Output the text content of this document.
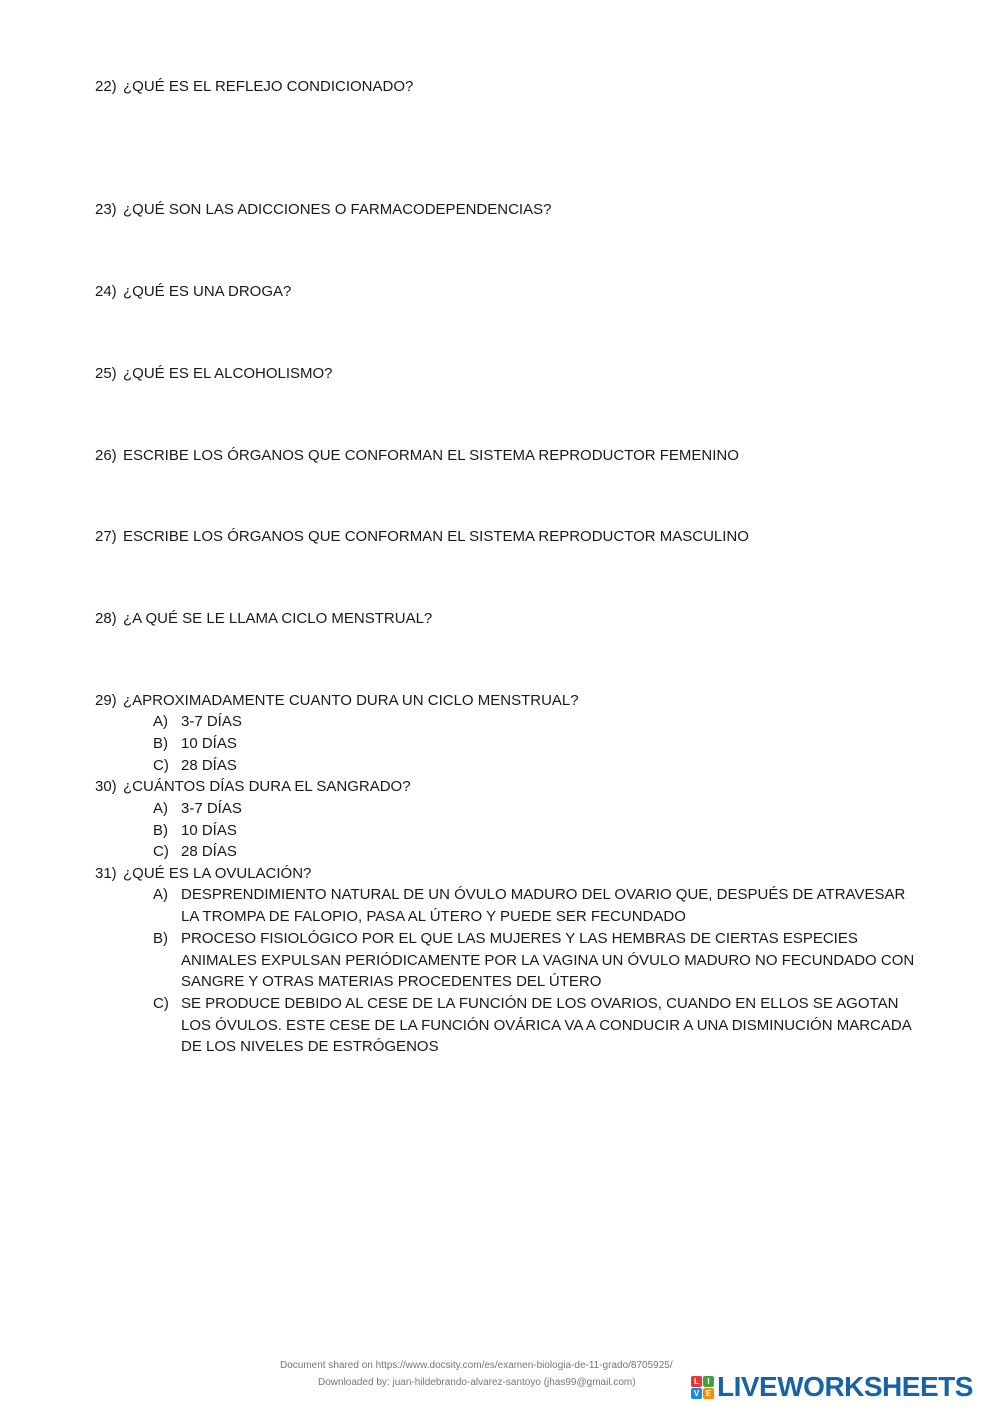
22) ¿QUÉ ES EL REFLEJO CONDICIONADO?
23) ¿QUÉ SON LAS ADICCIONES O FARMACODEPENDENCIAS?
24) ¿QUÉ ES UNA DROGA?
25) ¿QUÉ ES EL ALCOHOLISMO?
26) ESCRIBE LOS ÓRGANOS QUE CONFORMAN EL SISTEMA REPRODUCTOR FEMENINO
27) ESCRIBE LOS ÓRGANOS QUE CONFORMAN EL SISTEMA REPRODUCTOR MASCULINO
28) ¿A QUÉ SE LE LLAMA CICLO MENSTRUAL?
29) ¿APROXIMADAMENTE CUANTO DURA UN CICLO MENSTRUAL?
A) 3-7 DÍAS
B) 10 DÍAS
C) 28 DÍAS
30) ¿CUÁNTOS DÍAS DURA EL SANGRADO?
A) 3-7 DÍAS
B) 10 DÍAS
C) 28 DÍAS
31) ¿QUÉ ES LA OVULACIÓN?
A) DESPRENDIMIENTO NATURAL DE UN ÓVULO MADURO DEL OVARIO QUE, DESPUÉS DE ATRAVESAR LA TROMPA DE FALOPIO, PASA AL ÚTERO Y PUEDE SER FECUNDADO
B) PROCESO FISIOLÓGICO POR EL QUE LAS MUJERES Y LAS HEMBRAS DE CIERTAS ESPECIES ANIMALES EXPULSAN PERIÓDICAMENTE POR LA VAGINA UN ÓVULO MADURO NO FECUNDADO CON SANGRE Y OTRAS MATERIAS PROCEDENTES DEL ÚTERO
C) SE PRODUCE DEBIDO AL CESE DE LA FUNCIÓN DE LOS OVARIOS, CUANDO EN ELLOS SE AGOTAN LOS ÓVULOS. ESTE CESE DE LA FUNCIÓN OVÁRICA VA A CONDUCIR A UNA DISMINUCIÓN MARCADA DE LOS NIVELES DE ESTRÓGENOS
Document shared on https://www.docsity.com/es/examen-biologia-de-11-grado/8705925/
Downloaded by: juan-hildebrando-alvarez-santoyo (jhas99@gmail.com)	L	I
V E LIVEWORKSHEETS
